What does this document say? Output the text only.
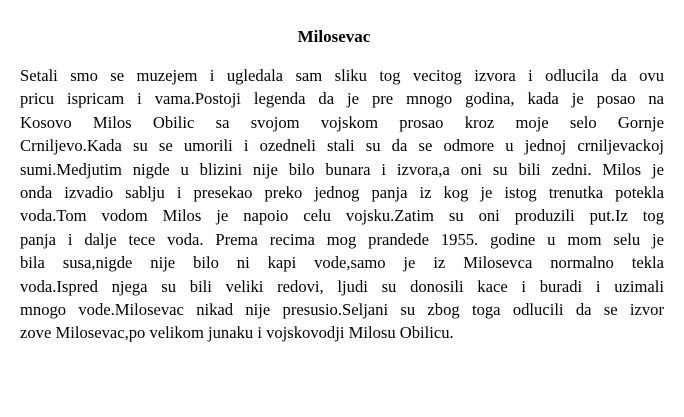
Milosevac
Setali smo se muzejem i ugledala sam sliku tog vecitog izvora i odlucila da ovu
pricu ispricam i vama.Postoji legenda da je pre mnogo godina, kada je posao na
Kosovo Milos Obilic sa svojom vojskom prosao kroz moje selo Gornje
Crniljevo.Kada su se umorili i ozedneli stali su da se odmore u jednoj crniljevackoj
sumi.Medjutim nigde u blizini nije bilo bunara i izvora,a oni su bili zedni. Milos je
onda izvadio sablju i presekao preko jednog panja iz kog je istog trenutka potekla
voda.Tom vodom Milos je napoio celu vojsku.Zatim su oni produzili put.Iz tog
panja i dalje tece voda. Prema recima mog prandede 1955. godine u mom selu je
bila susa,nigde nije bilo ni kapi vode,samo je iz Milosevca normalno tekla
voda.Ispred njega su bili veliki redovi, ljudi su donosili kace i buradi i uzimali
mnogo vode.Milosevac nikad nije presusio.Seljani su zbog toga odlucili da se izvor
zove Milosevac,po velikom junaku i vojskovodji Milosu Obilicu.
